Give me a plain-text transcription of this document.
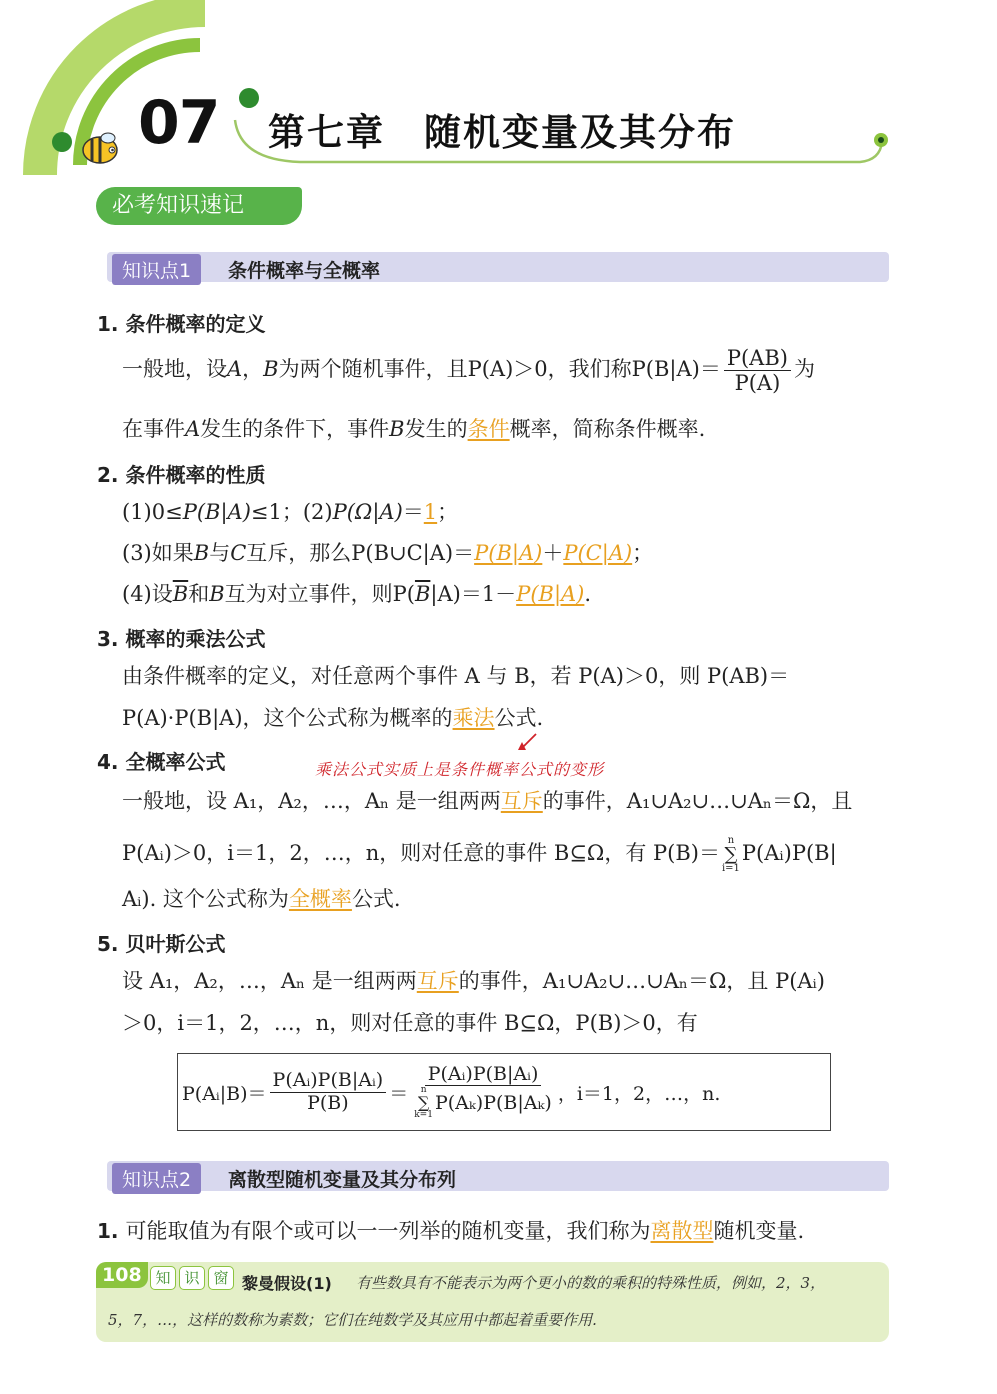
07 第七章　随机变量及其分布
必考知识速记
知识点1	条件概率与全概率
1. 条件概率的定义
一般地，设A，B为两个随机事件，且P(A)＞0，我们称$P(B|A)= \frac{P(AB)}{P(A)}$ 为
在事件A发生的条件下，事件B发生的条件概率，简称条件概率.
2. 条件概率的性质
(1)0≤P(B|A)≤1；(2)P(Ω|A)＝1；
(3)如果B与C互斥，那么P(B∪C|A)＝P(B|A)＋P(C|A)；
(4)设$\overline{B}$和B互为对立事件，则$P(\overline{B}|A)=1-P(B|A)$.
3. 概率的乘法公式
由条件概率的定义，对任意两个事件 A 与 B，若 P(A)＞0，则 P(AB)＝
P(A)·P(B|A)，这个公式称为概率的乘法公式.
乘法公式实质上是条件概率公式的变形
4. 全概率公式
一般地，设 A₁，A₂，…，Aₙ 是一组两两互斥的事件，A₁∪A₂∪…∪Aₙ＝Ω，且
P(Aᵢ)＞0，i＝1，2，…，n，则对任意的事件 B⊆Ω，有 P(B)＝
n
∑
i=1
P(Aᵢ)P(B|
Aᵢ). 这个公式称为全概率公式.
5. 贝叶斯公式
设 A₁，A₂，…，Aₙ 是一组两两互斥的事件，A₁∪A₂∪…∪Aₙ＝Ω，且 P(Aᵢ)
＞0，i＝1，2，…，n，则对任意的事件 B⊆Ω，P(B)＞0，有
P(Aᵢ|B)＝ $\frac{\text{P(Aᵢ)P(B|Aᵢ)}}{P(B)}$ ＝ P(Aᵢ)P(B|Aᵢ)
n
∑
k=1
P(Aₖ)P(B|Aₖ) ，i＝1，2，…，n.
知识点2	离散型随机变量及其分布列
1. 可能取值为有限个或可以一一列举的随机变量，我们称为离散型随机变量.
108 知 识 窗 黎曼假设(1) 有些数具有不能表示为两个更小的数的乘积的特殊性质，例如，2，3，
5，7，…，这样的数称为素数；它们在纯数学及其应用中都起着重要作用.
